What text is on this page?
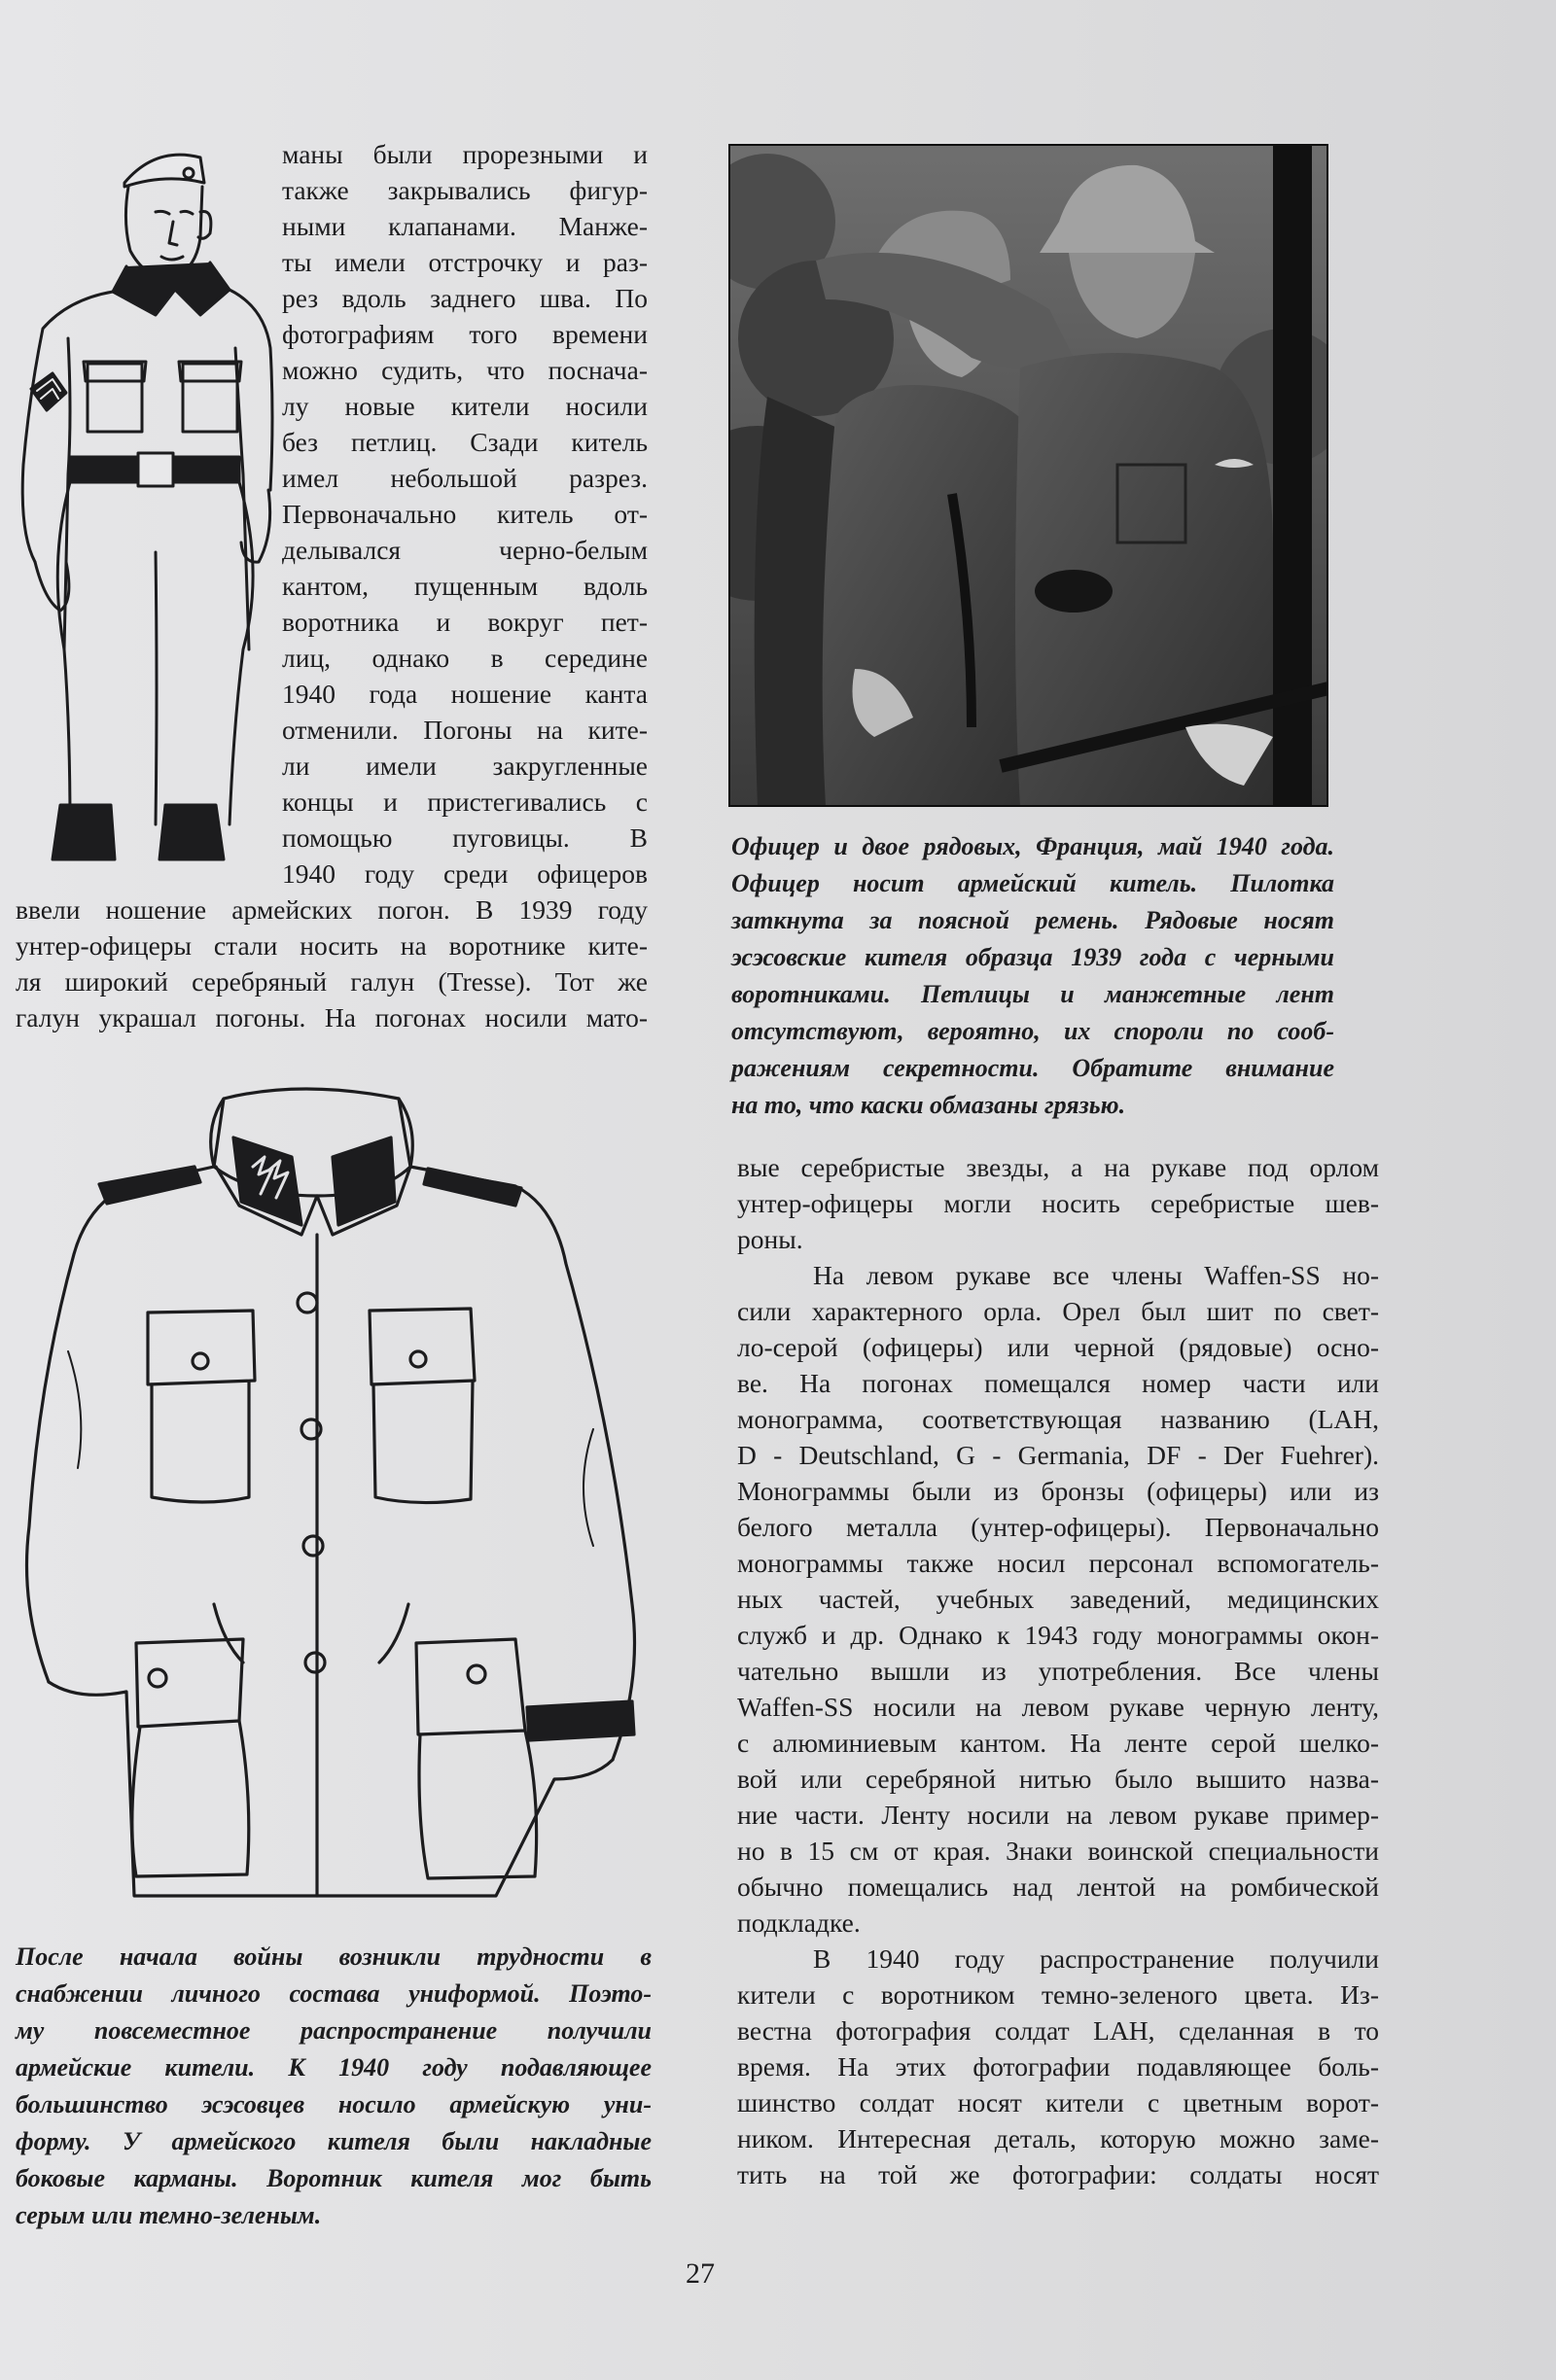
маны были прорезными и
также закрывались фигур-
ными клапанами. Манже-
ты имели отстрочку и раз-
рез вдоль заднего шва. По
фотографиям того времени
можно судить, что поснача-
лу новые кители носили
без петлиц. Сзади китель
имел небольшой разрез.
Первоначально китель от-
делывался черно-белым
кантом, пущенным вдоль
воротника и вокруг пет-
лиц, однако в середине
1940 года ношение канта
отменили. Погоны на ките-
ли имели закругленные
концы и пристегивались с
помощью пуговицы. В
1940 году среди офицеров
ввели ношение армейских погон. В 1939 году
унтер-офицеры стали носить на воротнике ките-
ля широкий серебряный галун (Tresse). Тот же
галун украшал погоны. На погонах носили мато-
Офицер и двое рядовых, Франция, май 1940 года.
Офицер носит армейский китель. Пилотка
заткнута за поясной ремень. Рядовые носят
эсэсовские кителя образца 1939 года с черными
воротниками. Петлицы и манжетные лент
отсутствуют, вероятно, их спороли по сооб-
ражениям секретности. Обратите внимание
на то, что каски обмазаны грязью.
После начала войны возникли трудности в
снабжении личного состава униформой. Поэто-
му повсеместное распространение получили
армейские кители. К 1940 году подавляющее
большинство эсэсовцев носило армейскую уни-
форму. У армейского кителя были накладные
боковые карманы. Воротник кителя мог быть
серым или темно-зеленым.
вые серебристые звезды, а на рукаве под орлом
унтер-офицеры могли носить серебристые шев-
роны.
На левом рукаве все члены Waffen-SS но-
сили характерного орла. Орел был шит по свет-
ло-серой (офицеры) или черной (рядовые) осно-
ве. На погонах помещался номер части или
монограмма, соответствующая названию (LAH,
D - Deutschland, G - Germania, DF - Der Fuehrer).
Монограммы были из бронзы (офицеры) или из
белого металла (унтер-офицеры). Первоначально
монограммы также носил персонал вспомогатель-
ных частей, учебных заведений, медицинских
служб и др. Однако к 1943 году монограммы окон-
чательно вышли из употребления. Все члены
Waffen-SS носили на левом рукаве черную ленту,
с алюминиевым кантом. На ленте серой шелко-
вой или серебряной нитью было вышито назва-
ние части. Ленту носили на левом рукаве пример-
но в 15 см от края. Знаки воинской специальности
обычно помещались над лентой на ромбической
подкладке.
В 1940 году распространение получили
кители с воротником темно-зеленого цвета. Из-
вестна фотография солдат LAH, сделанная в то
время. На этих фотографии подавляющее боль-
шинство солдат носят кители с цветным ворот-
ником. Интересная деталь, которую можно заме-
тить на той же фотографии: солдаты носят
27
